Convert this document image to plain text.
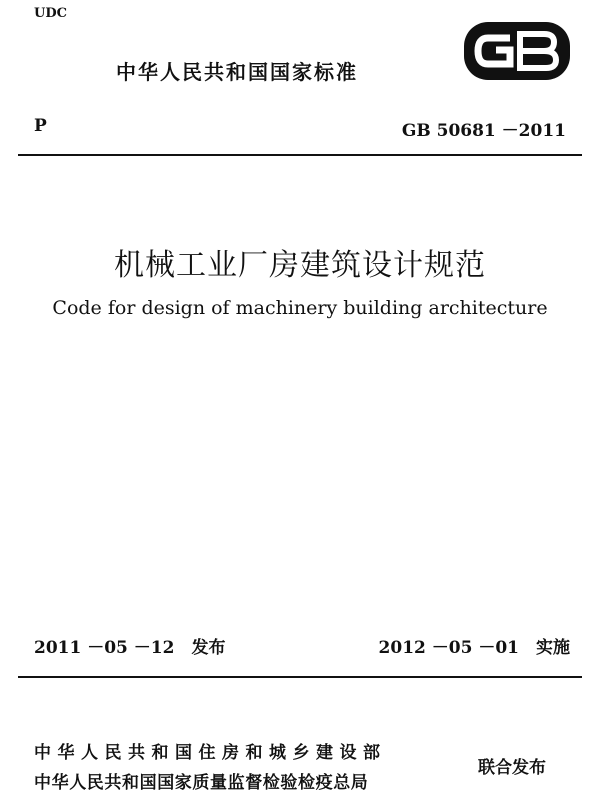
UDC
中华人民共和国国家标准
P	GB 50681 －2011
机械工业厂房建筑设计规范
Code for design of machinery building architecture
2011 －05 －12　发布	2012 －05 －01　实施
中华人民共和国住房和城乡建设部
中华人民共和国国家质量监督检验检疫总局
联合发布
